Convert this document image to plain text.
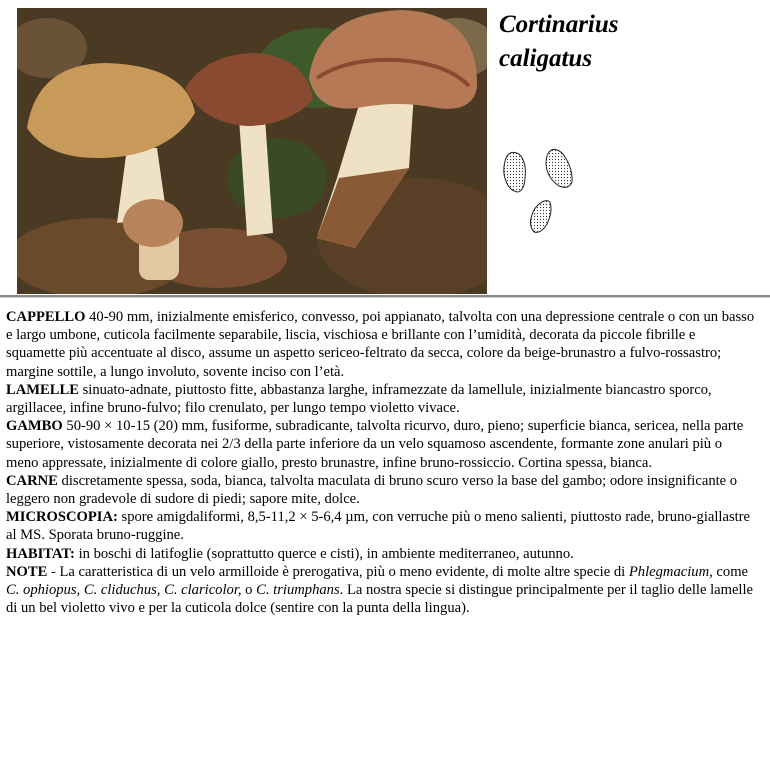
Cortinarius
caligatus

CAPPELLO 40-90 mm, inizialmente emisferico, convesso, poi appianato, talvolta con una depressione centrale o con un basso e largo umbone, cuticola facilmente separabile, liscia, vischiosa e brillante con l’umidità, decorata da piccole fibrille e squamette più accentuate al disco, assume un aspetto sericeo-feltrato da secca, colore da beige-brunastro a fulvo-rossastro; margine sottile, a lungo involuto, sovente inciso con l’età.

LAMELLE sinuato-adnate, piuttosto fitte, abbastanza larghe, inframezzate da lamellule, inizialmente biancastro sporco, argillacee, infine bruno-fulvo; filo crenulato, per lungo tempo violetto vivace.

GAMBO 50-90 × 10-15 (20) mm, fusiforme, subradicante, talvolta ricurvo, duro, pieno; superficie bianca, sericea, nella parte superiore, vistosamente decorata nei 2/3 della parte inferiore da un velo squamoso ascendente, formante zone anulari più o meno appressate, inizialmente di colore giallo, presto brunastre, infine bruno-rossiccio. Cortina spessa, bianca.

CARNE discretamente spessa, soda, bianca, talvolta maculata di bruno scuro verso la base del gambo; odore insignificante o leggero non gradevole di sudore di piedi; sapore mite, dolce.

MICROSCOPIA: spore amigdaliformi, 8,5-11,2 × 5-6,4 µm, con verruche più o meno salienti, piuttosto rade, bruno-giallastre al MS. Sporata bruno-ruggine.

HABITAT: in boschi di latifoglie (soprattutto querce e cisti), in ambiente mediterraneo, autunno.

NOTE - La caratteristica di un velo armilloide è prerogativa, più o meno evidente, di molte altre specie di Phlegmacium, come C. ophiopus, C. cliduchus, C. claricolor, o C. triumphans. La nostra specie si distingue principalmente per il taglio delle lamelle di un bel violetto vivo e per la cuticola dolce (sentire con la punta della lingua).
